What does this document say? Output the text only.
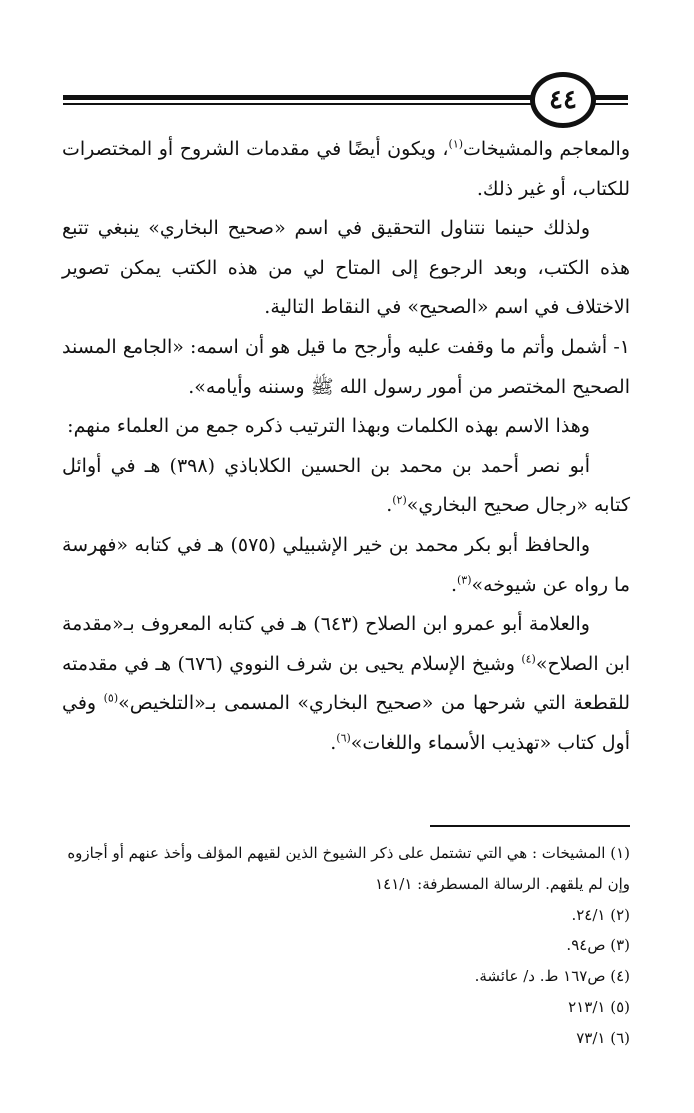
٤٤

والمعاجم والمشيخات$^{(١)}$، ويكون أيضًا في مقدمات الشروح أو المختصرات للكتاب، أو غير ذلك.

ولذلك حينما نتناول التحقيق في اسم «صحيح البخاري» ينبغي تتبع هذه الكتب، وبعد الرجوع إلى المتاح لي من هذه الكتب يمكن تصوير الاختلاف في اسم «الصحيح» في النقاط التالية.

١- أشمل وأتم ما وقفت عليه وأرجح ما قيل هو أن اسمه: «الجامع المسند الصحيح المختصر من أمور رسول الله ﷺ وسننه وأيامه».

وهذا الاسم بهذه الكلمات وبهذا الترتيب ذكره جمع من العلماء منهم:

أبو نصر أحمد بن محمد بن الحسين الكلاباذي (٣٩٨) هـ في أوائل كتابه «رجال صحيح البخاري»$^{(٢)}$.

والحافظ أبو بكر محمد بن خير الإشبيلي (٥٧٥) هـ في كتابه «فهرسة ما رواه عن شيوخه»$^{(٣)}$.

والعلامة أبو عمرو ابن الصلاح (٦٤٣) هـ في كتابه المعروف بـ«مقدمة ابن الصلاح»$^{(٤)}$ وشيخ الإسلام يحيى بن شرف النووي (٦٧٦) هـ في مقدمته للقطعة التي شرحها من «صحيح البخاري» المسمى بـ«التلخيص»$^{(٥)}$ وفي أول كتاب «تهذيب الأسماء واللغات»$^{(٦)}$.

(١) المشيخات : هي التي تشتمل على ذكر الشيوخ الذين لقيهم المؤلف وأخذ عنهم أو أجازوه وإن لم يلقهم. الرسالة المسطرفة: ١٤١/١

(٢) ٢٤/١.

(٣) ص٩٤.

(٤) ص١٦٧ ط. د/ عائشة.

(٥) ٢١٣/١

(٦) ٧٣/١
